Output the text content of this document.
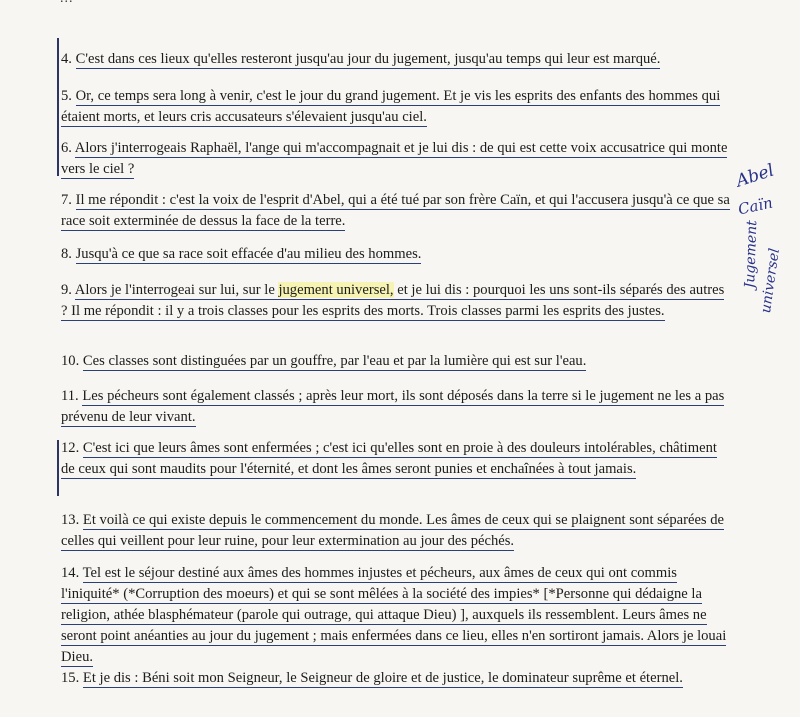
4. C'est dans ces lieux qu'elles resteront jusqu'au jour du jugement, jusqu'au temps qui leur est marqué.

5. Or, ce temps sera long à venir, c'est le jour du grand jugement. Et je vis les esprits des enfants des hommes qui étaient morts, et leurs cris accusateurs s'élevaient jusqu'au ciel.

6. Alors j'interrogeais Raphaël, l'ange qui m'accompagnait et je lui dis : de qui est cette voix accusatrice qui monte vers le ciel ?

7. Il me répondit : c'est la voix de l'esprit d'Abel, qui a été tué par son frère Caïn, et qui l'accusera jusqu'à ce que sa race soit exterminée de dessus la face de la terre.

8. Jusqu'à ce que sa race soit effacée d'au milieu des hommes.

9. Alors je l'interrogeai sur lui, sur le jugement universel, et je lui dis : pourquoi les uns sont-ils séparés des autres ? Il me répondit : il y a trois classes pour les esprits des morts. Trois classes parmi les esprits des justes.

10. Ces classes sont distinguées par un gouffre, par l'eau et par la lumière qui est sur l'eau.

11. Les pécheurs sont également classés ; après leur mort, ils sont déposés dans la terre si le jugement ne les a pas prévenu de leur vivant.

12. C'est ici que leurs âmes sont enfermées ; c'est ici qu'elles sont en proie à des douleurs intolérables, châtiment de ceux qui sont maudits pour l'éternité, et dont les âmes seront punies et enchaînées à tout jamais.

13. Et voilà ce qui existe depuis le commencement du monde. Les âmes de ceux qui se plaignent sont séparées de celles qui veillent pour leur ruine, pour leur extermination au jour des péchés.

14. Tel est le séjour destiné aux âmes des hommes injustes et pécheurs, aux âmes de ceux qui ont commis l'iniquité* (*Corruption des moeurs) et qui se sont mêlées à la société des impies* [*Personne qui dédaigne la religion, athée blasphémateur (parole qui outrage, qui attaque Dieu) ], auxquels ils ressemblent. Leurs âmes ne seront point anéanties au jour du jugement ; mais enfermées dans ce lieu, elles n'en sortiront jamais. Alors je louai Dieu.

15. Et je dis : Béni soit mon Seigneur, le Seigneur de gloire et de justice, le dominateur suprême et éternel.

Abel
Caïn
Jugement
universel
